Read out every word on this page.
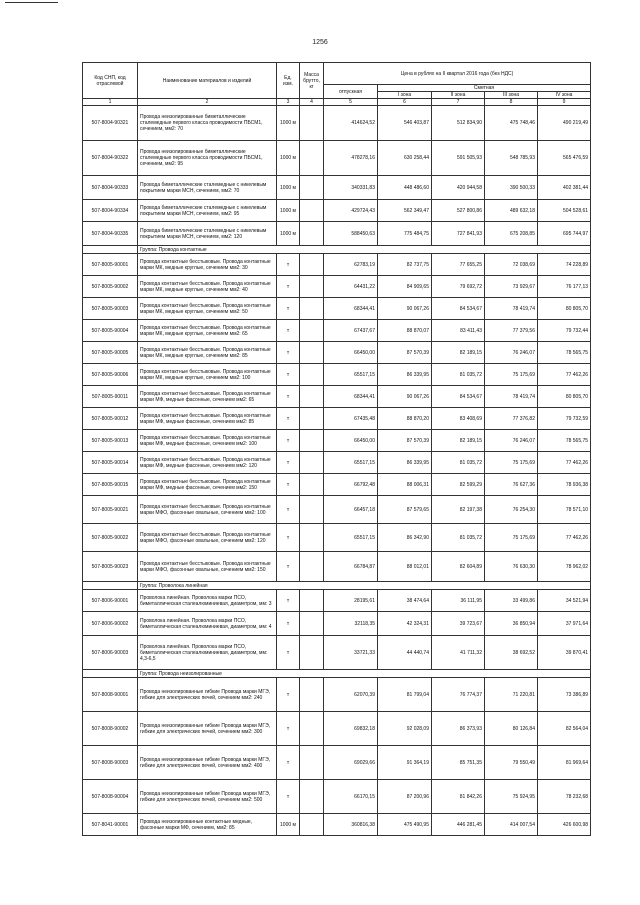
1256
Код СНП, код отраслевой	Наименование материалов и изделий	Ед. изм.	Масса брутто, кг	Цена в рублях на II квартал 2016 года (без НДС)				
				отпускная	Сметная			
					I зона	II зона	III зона	IV зона
1	2	3	4	5	6	7	8	9
507-8004-90321	Провода неизолированные биметаллические сталемедные первого класса проводимости ПБСМ1, сечением, мм2: 70	1000 м		414624,52	546 403,87	512 834,90	475 748,46	490 219,49
507-8004-90322	Провода неизолированные биметаллические сталемедные первого класса проводимости ПБСМ1, сечением, мм2: 95	1000 м		478278,16	630 258,44	591 505,93	548 785,93	565 476,59
507-8004-90333	Провода биметаллические сталемедные с никелевым покрытием марки МСН, сечением, мм2: 70	1000 м		340331,83	448 486,60	420 944,58	390 500,33	402 381,44
507-8004-90334	Провода биметаллические сталемедные с никелевым покрытием марки МСН, сечением, мм2: 95	1000 м		429724,43	562 349,47	527 800,86	489 632,18	504 528,61
507-8004-90335	Провода биметаллические сталемедные с никелевым покрытием марки МСН, сечением, мм2: 120	1000 м		588450,63	775 484,75	727 841,93	675 208,85	695 744,97
	Группа: Провода контактные							
507-8005-90001	Провода контактные бесстыковые. Провода контактные марки МК, медные круглые, сечением мм2: 30	т		62783,19	82 737,75	77 655,25	72 038,69	74 228,89
507-8005-90002	Провода контактные бесстыковые. Провода контактные марки МК, медные круглые, сечением мм2: 40	т		64431,22	84 909,65	79 692,72	73 929,67	76 177,13
507-8005-90003	Провода контактные бесстыковые. Провода контактные марки МК, медные круглые, сечением мм2: 50	т		68344,41	90 067,26	84 534,67	78 419,74	80 805,70
507-8005-90004	Провода контактные бесстыковые. Провода контактные марки МК, медные круглые, сечением мм2: 65	т		67437,67	88 870,07	83 411,43	77 379,56	79 732,44
507-8005-90005	Провода контактные бесстыковые. Провода контактные марки МК, медные круглые, сечением мм2: 85	т		66450,00	87 570,39	82 189,15	76 246,07	78 565,75
507-8005-90006	Провода контактные бесстыковые. Провода контактные марки МК, медные круглые, сечением мм2: 100	т		65517,15	86 339,95	81 035,72	75 175,69	77 462,26
507-8005-90011	Провода контактные бесстыковые. Провода контактные марки МФ, медные фасонные, сечением мм2: 65	т		68344,41	90 067,26	84 534,67	78 419,74	80 805,70
507-8005-90012	Провода контактные бесстыковые. Провода контактные марки МФ, медные фасонные, сечением мм2: 85	т		67435,48	88 870,20	83 408,69	77 376,82	79 732,59
507-8005-90013	Провода контактные бесстыковые. Провода контактные марки МФ, медные фасонные, сечением мм2: 100	т		66450,00	87 570,39	82 189,15	76 246,07	78 565,75
507-8005-90014	Провода контактные бесстыковые. Провода контактные марки МФ, медные фасонные, сечением мм2: 120	т		65517,15	86 339,95	81 035,72	75 175,69	77 462,26
507-8005-90015	Провода контактные бесстыковые. Провода контактные марки МФ, медные фасонные, сечением мм2: 150	т		66792,48	88 006,31	82 599,29	76 627,36	78 936,38
507-8005-90021	Провода контактные бесстыковые. Провода контактные марки МФО, фасонные овальные, сечением мм2: 100	т		66457,18	87 579,65	82 197,38	76 254,30	78 571,10
507-8005-90022	Провода контактные бесстыковые. Провода контактные марки МФО, фасонные овальные, сечением мм2: 120	т		65517,15	86 342,90	81 035,72	75 175,69	77 462,26
507-8005-90023	Провода контактные бесстыковые. Провода контактные марки МФО, фасонные овальные, сечением мм2: 150	т		66784,87	88 012,01	82 604,89	76 630,30	78 962,02
	Группа: Проволока линейная							
507-8006-90001	Проволока линейная. Проволока марки ПСО, биметаллическая сталеалюминиевая, диаметром, мм: 3	т		28195,61	38 474,64	36 111,95	33 499,86	34 521,94
507-8006-90002	Проволока линейная. Проволока марки ПСО, биметаллическая сталеалюминиевая, диаметром, мм: 4	т		32118,35	42 324,31	39 723,67	36 850,94	37 971,64
507-8006-90003	Проволока линейная. Проволока марки ПСО, биметаллическая сталеалюминиевая, диаметром, мм: 4,3-6,5	т		33721,33	44 440,74	41 711,32	38 692,52	39 870,41
	Группа: Провода неизолированные							
507-8008-90001	Провода неизолированные гибкие Провода марки МГЭ, гибкие для электрических печей, сечением мм2: 240	т		62070,39	81 799,04	76 774,37	71 220,81	73 386,89
507-8008-90002	Провода неизолированные гибкие Провода марки МГЭ, гибкие для электрических печей, сечением мм2: 300	т		69832,18	92 028,09	86 373,93	80 126,84	82 564,04
507-8008-90003	Провода неизолированные гибкие Провода марки МГЭ, гибкие для электрических печей, сечением мм2: 400	т		69029,66	91 364,19	85 751,35	79 550,49	81 969,64
507-8008-90004	Провода неизолированные гибкие Провода марки МГЭ, гибкие для электрических печей, сечением мм2: 500	т		66170,15	87 200,96	81 842,26	75 924,95	78 232,68
507-8041-90001	Провода неизолированные контактные медные, фасонные марки МФ, сечением, мм2: 85	1000 м		360816,38	475 490,95	446 281,45	414 007,54	426 600,98
